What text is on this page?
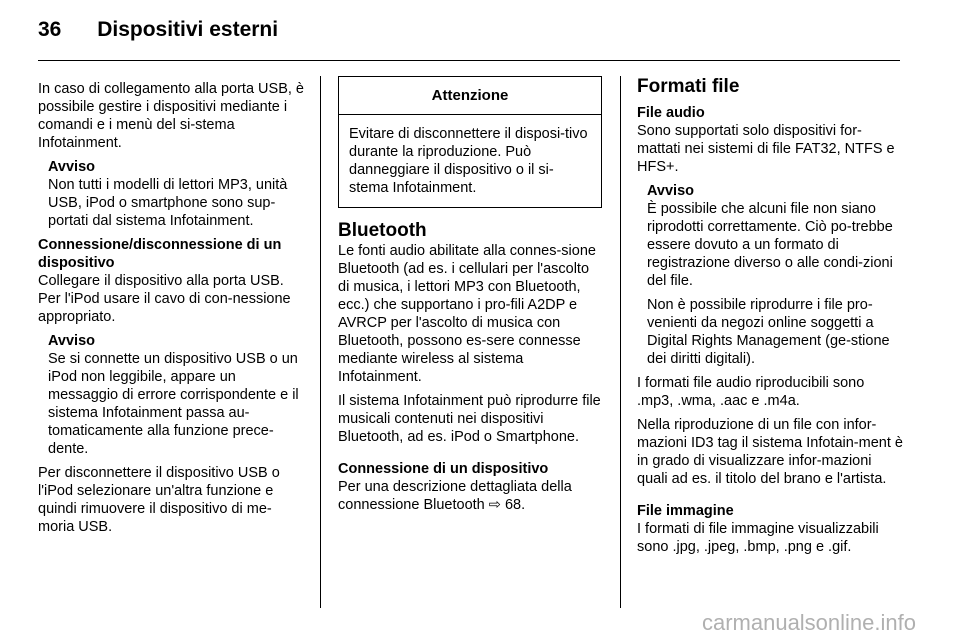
36 Dispositivi esterni

In caso di collegamento alla porta USB, è possibile gestire i dispositivi mediante i comandi e i menù del si-stema Infotainment.

Avviso

Non tutti i modelli di lettori MP3, unità USB, iPod o smartphone sono sup-portati dal sistema Infotainment.

Connessione/disconnessione di un dispositivo

Collegare il dispositivo alla porta USB. Per l'iPod usare il cavo di con-nessione appropriato.

Avviso

Se si connette un dispositivo USB o un iPod non leggibile, appare un messaggio di errore corrispondente e il sistema Infotainment passa au-tomaticamente alla funzione prece-dente.

Per disconnettere il dispositivo USB o l'iPod selezionare un'altra funzione e quindi rimuovere il dispositivo di me-moria USB.

Attenzione
Evitare di disconnettere il disposi-tivo durante la riproduzione. Può danneggiare il dispositivo o il si-stema Infotainment.
Bluetooth

Le fonti audio abilitate alla connes-sione Bluetooth (ad es. i cellulari per l'ascolto di musica, i lettori MP3 con Bluetooth, ecc.) che supportano i pro-fili A2DP e AVRCP per l'ascolto di musica con Bluetooth, possono es-sere connesse mediante wireless al sistema Infotainment.

Il sistema Infotainment può riprodurre file musicali contenuti nei dispositivi Bluetooth, ad es. iPod o Smartphone.

Connessione di un dispositivo

Per una descrizione dettagliata della connessione Bluetooth ⇨ 68.

Formati file
File audio

Sono supportati solo dispositivi for-mattati nei sistemi di file FAT32, NTFS e HFS+.

Avviso

È possibile che alcuni file non siano riprodotti correttamente. Ciò po-trebbe essere dovuto a un formato di registrazione diverso o alle condi-zioni del file.

Non è possibile riprodurre i file pro-venienti da negozi online soggetti a Digital Rights Management (ge-stione dei diritti digitali).

I formati file audio riproducibili sono .mp3, .wma, .aac e .m4a.

Nella riproduzione di un file con infor-mazioni ID3 tag il sistema Infotain-ment è in grado di visualizzare infor-mazioni quali ad es. il titolo del brano e l'artista.

File immagine

I formati di file immagine visualizzabili sono .jpg, .jpeg, .bmp, .png e .gif.

carmanualsonline.info
